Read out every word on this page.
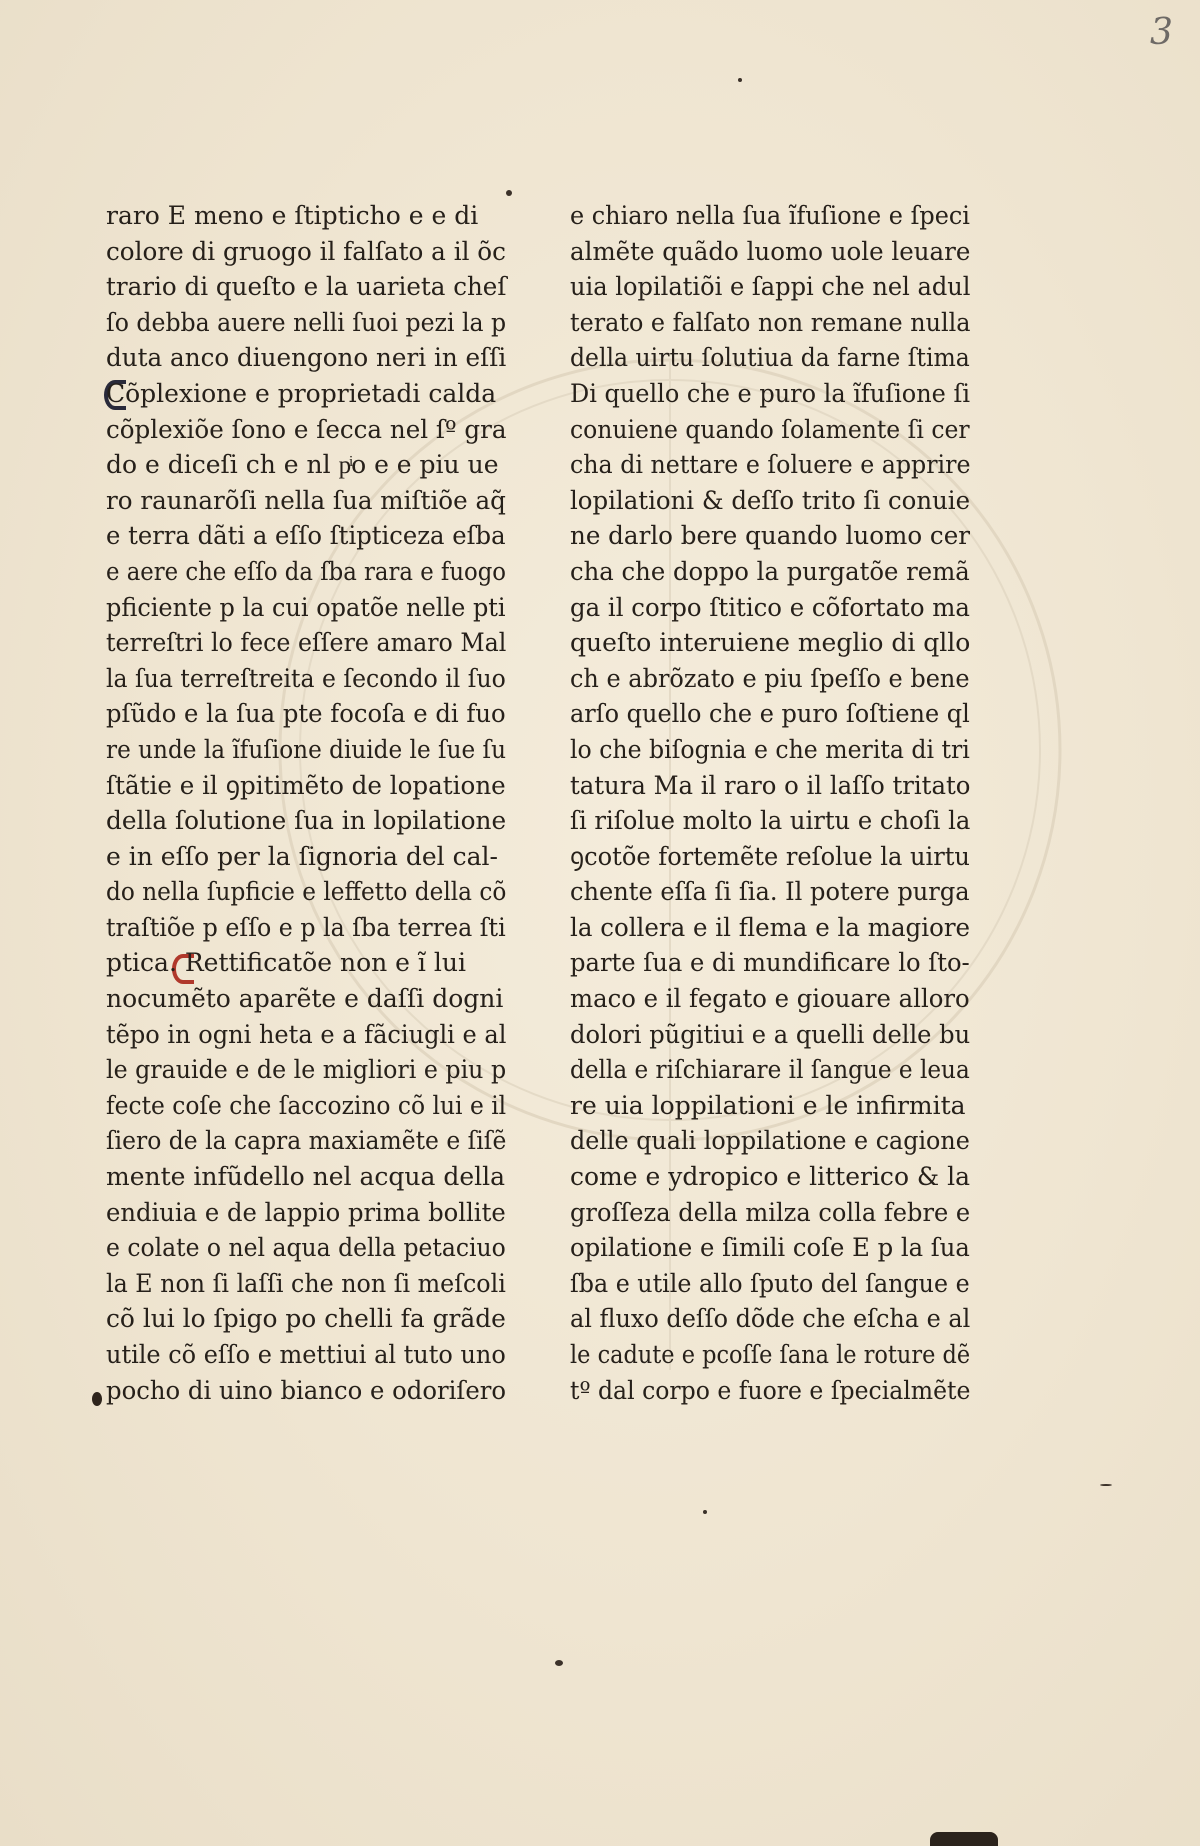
3
raro E meno e ſtipticho e e di
colore di gruogo il falſato a il õc
trario di queſto e la uarieta cheſ
ſo debba auere nelli ſuoi pezi la p
duta anco diuengono neri in eſſi
Cõplexione e proprietadi calda
cõplexiõe ſono e ſecca nel ſº gra
do e diceſi ch e nl pͥo e e piu ue
ro raunarõſi nella ſua miſtiõe aq̃
e terra dãti a eſſo ſtipticeza eſba
e aere che eſſo da ſba rara e fuogo
pficiente p la cui opatõe nelle pti
terreſtri lo fece eſſere amaro Mal
la ſua terreſtreita e ſecondo il ſuo
pſũdo e la ſua pte focoſa e di fuo
re unde la ĩfuſione diuide le ſue ſu
ſtãtie e il ꝯpitimẽto de lopatione
della ſolutione ſua in lopilatione
e in eſſo per la ſignoria del cal-
do nella ſupficie e leffetto della cõ
traſtiõe p eſſo e p la ſba terrea ſti
ptica. Rettificatõe non e ĩ lui
nocumẽto aparẽte e daſſi dogni
tẽpo in ogni heta e a fãciugli e al
le grauide e de le migliori e piu p
fecte coſe che ſaccozino cõ lui e il
ſiero de la capra maxiamẽte e ſiſẽ
mente infũdello nel acqua della
endiuia e de lappio prima bollite
e colate o nel aqua della petaciuo
la E non ſi laſſi che non ſi meſcoli
cõ lui lo ſpigo po chelli fa grãde
utile cõ eſſo e mettiui al tuto uno
pocho di uino bianco e odoriſero
e chiaro nella ſua ĩfuſione e ſpeci
almẽte quãdo luomo uole leuare
uia lopilatiõi e ſappi che nel adul
terato e falſato non remane nulla
della uirtu ſolutiua da farne ſtima
Di quello che e puro la ĩfuſione ſi
conuiene quando ſolamente ſi cer
cha di nettare e ſoluere e apprire
lopilationi & deſſo trito ſi conuie
ne darlo bere quando luomo cer
cha che doppo la purgatõe remã
ga il corpo ſtitico e cõfortato ma
queſto interuiene meglio di qllo
ch e abrõzato e piu ſpeſſo e bene
arſo quello che e puro ſoſtiene ql
lo che biſognia e che merita di tri
tatura Ma il raro o il laſſo tritato
ſi riſolue molto la uirtu e choſi la
ꝯcotõe fortemẽte reſolue la uirtu
chente eſſa ſi ſia. Il potere purga
la collera e il flema e la magiore
parte ſua e di mundificare lo ſto-
maco e il fegato e giouare alloro
dolori pũgitiui e a quelli delle bu
della e riſchiarare il ſangue e leua
re uia loppilationi e le infirmita
delle quali loppilatione e cagione
come e ydropico e litterico & la
groſſeza della milza colla febre e
opilatione e ſimili coſe E p la ſua
ſba e utile allo ſputo del ſangue e
al fluxo deſſo dõde che eſcha e al
le cadute e pcoſſe ſana le roture dẽ
tº dal corpo e fuore e ſpecialmẽte
